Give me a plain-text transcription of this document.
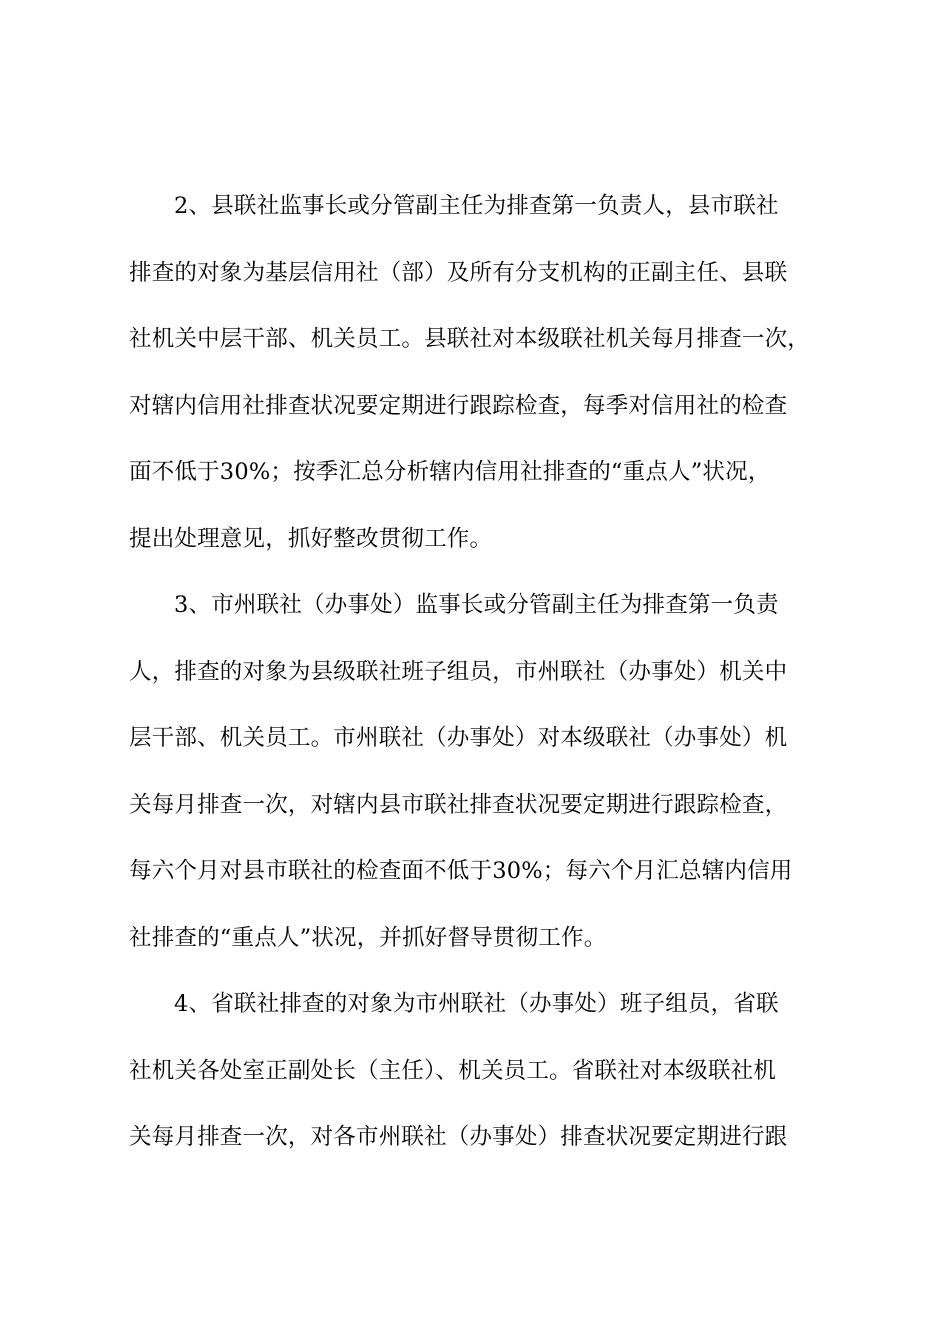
2、县联社监事长或分管副主任为排查第一负责人，县市联社
排查的对象为基层信用社（部）及所有分支机构的正副主任、县联
社机关中层干部、机关员工。县联社对本级联社机关每月排查一次，
对辖内信用社排查状况要定期进行跟踪检查，每季对信用社的检查
面不低于30%；按季汇总分析辖内信用社排查的“重点人”状况，
提出处理意见，抓好整改贯彻工作。
3、市州联社（办事处）监事长或分管副主任为排查第一负责
人，排查的对象为县级联社班子组员，市州联社（办事处）机关中
层干部、机关员工。市州联社（办事处）对本级联社（办事处）机
关每月排查一次，对辖内县市联社排查状况要定期进行跟踪检查，
每六个月对县市联社的检查面不低于30%；每六个月汇总辖内信用
社排查的“重点人”状况，并抓好督导贯彻工作。
4、省联社排查的对象为市州联社（办事处）班子组员，省联
社机关各处室正副处长（主任）、机关员工。省联社对本级联社机
关每月排查一次，对各市州联社（办事处）排查状况要定期进行跟
